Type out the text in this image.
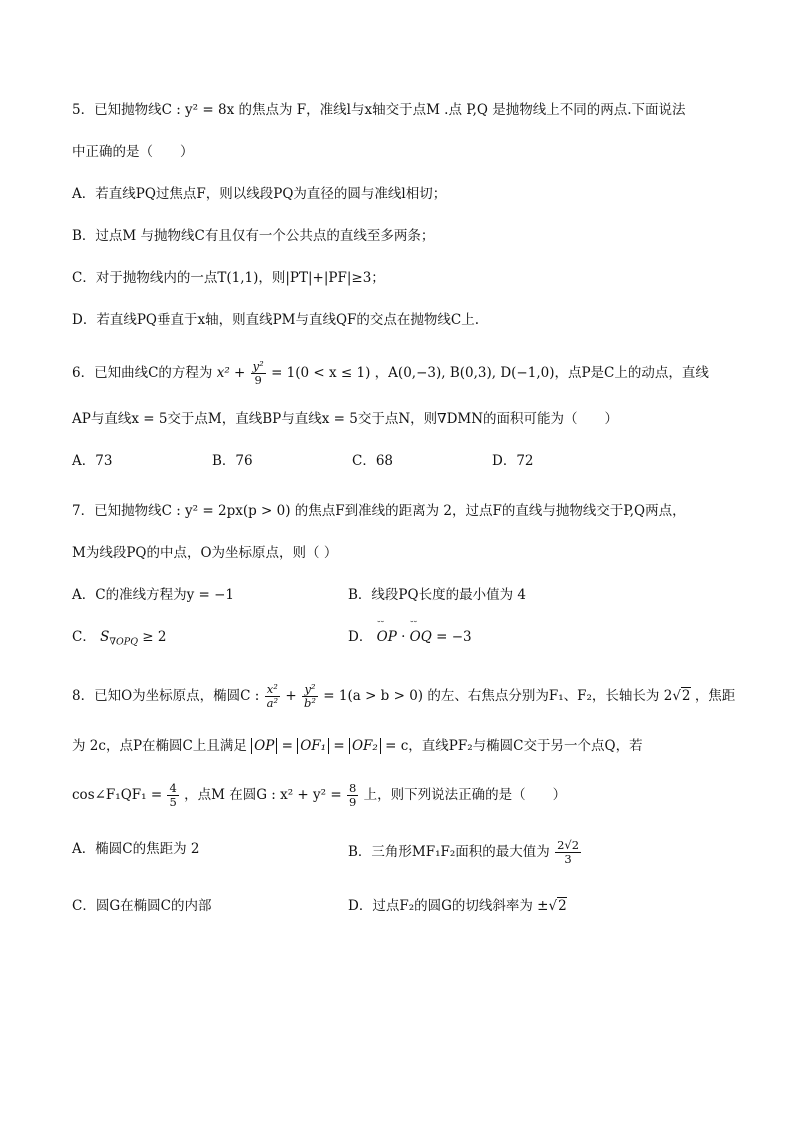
5．已知抛物线C : y² = 8x 的焦点为 F，准线l与x轴交于点M .点 P,Q 是抛物线上不同的两点.下面说法
中正确的是（　　）
A．若直线PQ过焦点F，则以线段PQ为直径的圆与准线l相切；
B．过点M 与抛物线C有且仅有一个公共点的直线至多两条；
C．对于抛物线内的一点T(1,1)，则|PT|+|PF|≥3；
D．若直线PQ垂直于x轴，则直线PM与直线QF的交点在抛物线C上.
6．已知曲线C的方程为 $x^2 + \frac{\text{y²}}{9} = 1(0 < x \le 1)$ ，A(0,−3), B(0,3), D(−1,0)，点P是C上的动点，直线
AP与直线x = 5交于点M，直线BP与直线x = 5交于点N，则∇DMN的面积可能为（　　）
A．73	B．76	C．68	D．72
7．已知抛物线C : y² = 2px(p > 0) 的焦点F到准线的距离为 2，过点F的直线与抛物线交于P,Q两点，
M为线段PQ的中点，O为坐标原点，则（ ）
A．C的准线方程为y = −1	B．线段PQ长度的最小值为 4
C． $S_{\nabla OPQ} \ge 2$	D． ˘˘ OP · ˘˘ OQ = −3
8．已知O为坐标原点，椭圆C : $\frac{\text{x²}}{\text{a²}} + \frac{\text{y²}}{\text{b²}} = 1(a > b > 0)$ 的左、右焦点分别为F₁、F₂，长轴长为 2√2 ，焦距
为 2c，点P在椭圆C上且满足 OP = OF₁ = OF₂ = c，直线PF₂与椭圆C交于另一个点Q，若
cos∠F₁QF₁ = $\frac{4}{5}$ ，点M 在圆G : $x^2 + y^2 = \frac{8}{9}$ 上，则下列说法正确的是（　　）
A．椭圆C的焦距为 2	B．三角形MF₁F₂面积的最大值为 $\frac{2√2}{3}$
C．圆G在椭圆C的内部	D．过点F₂的圆G的切线斜率为 ±√2
